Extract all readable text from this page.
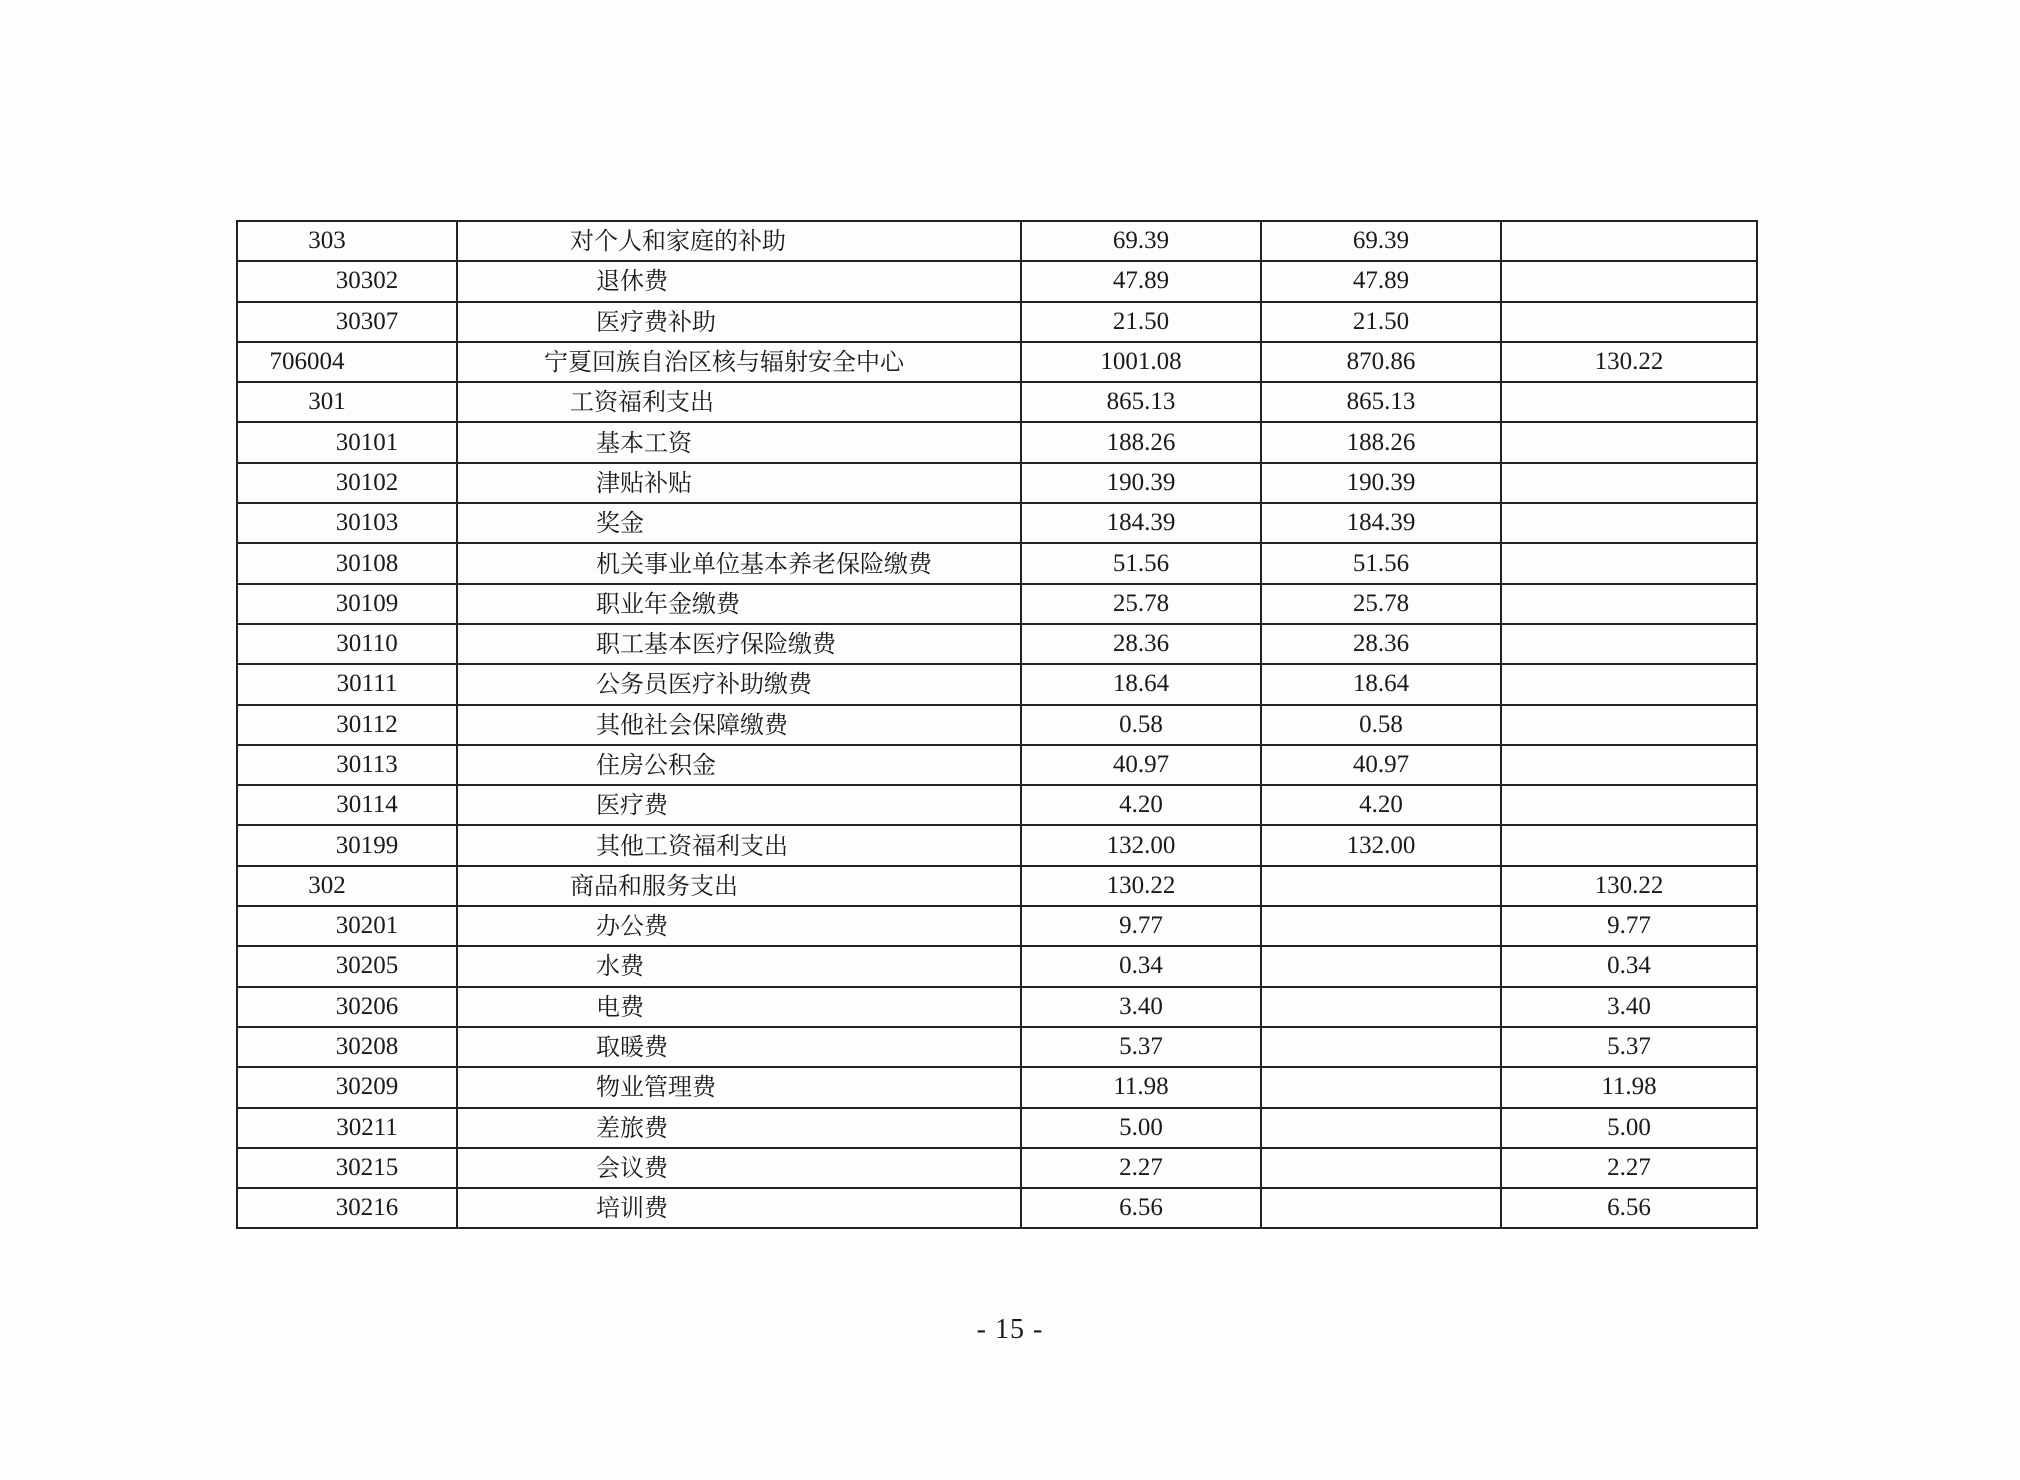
303	对个人和家庭的补助	69.39	69.39	
30302	退休费	47.89	47.89	
30307	医疗费补助	21.50	21.50	
706004	宁夏回族自治区核与辐射安全中心	1001.08	870.86	130.22
301	工资福利支出	865.13	865.13	
30101	基本工资	188.26	188.26	
30102	津贴补贴	190.39	190.39	
30103	奖金	184.39	184.39	
30108	机关事业单位基本养老保险缴费	51.56	51.56	
30109	职业年金缴费	25.78	25.78	
30110	职工基本医疗保险缴费	28.36	28.36	
30111	公务员医疗补助缴费	18.64	18.64	
30112	其他社会保障缴费	0.58	0.58	
30113	住房公积金	40.97	40.97	
30114	医疗费	4.20	4.20	
30199	其他工资福利支出	132.00	132.00	
302	商品和服务支出	130.22		130.22
30201	办公费	9.77		9.77
30205	水费	0.34		0.34
30206	电费	3.40		3.40
30208	取暖费	5.37		5.37
30209	物业管理费	11.98		11.98
30211	差旅费	5.00		5.00
30215	会议费	2.27		2.27
30216	培训费	6.56		6.56
- 15 -
